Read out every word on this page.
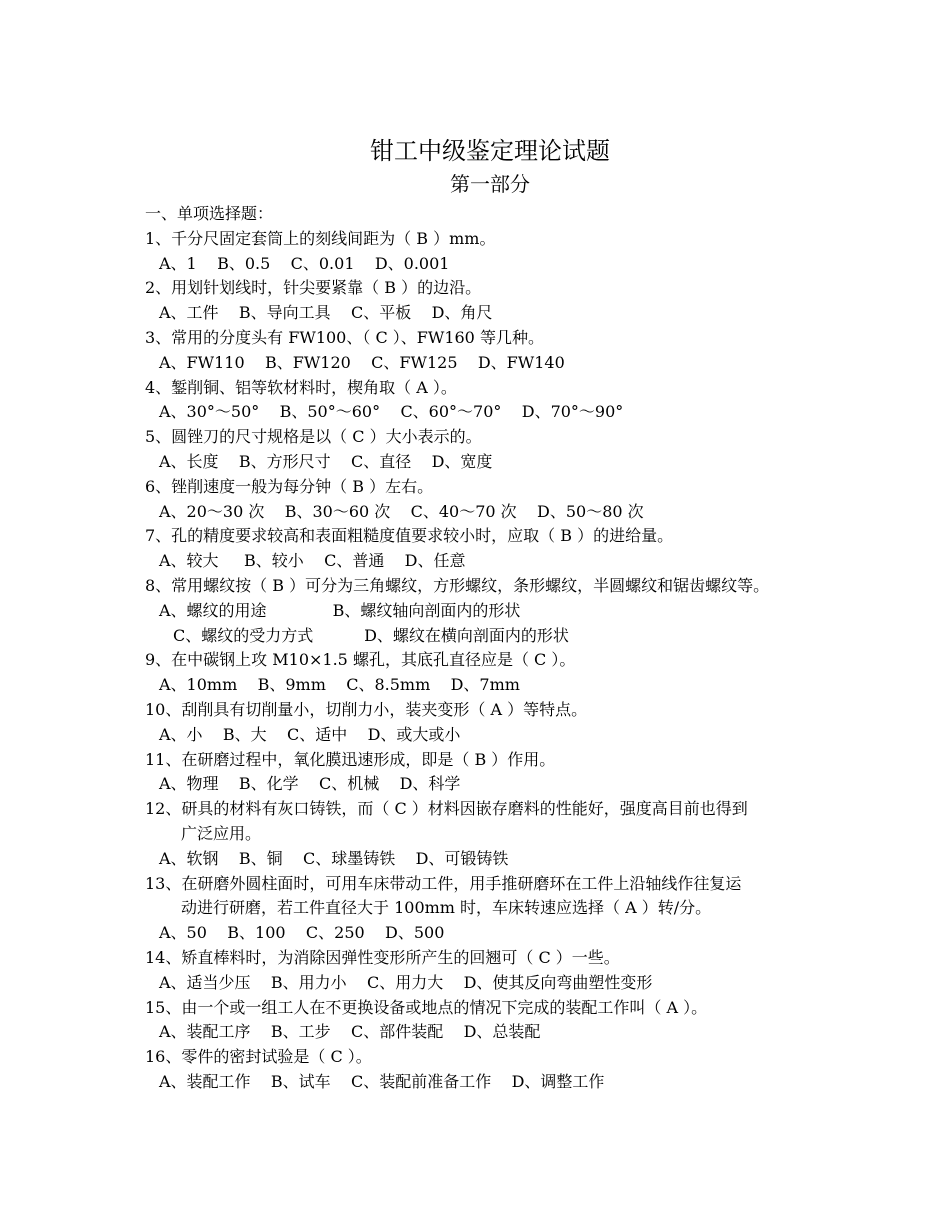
钳工中级鉴定理论试题
第一部分
一、单项选择题：
1、千分尺固定套筒上的刻线间距为（ B ）mm。
A、1    B、0.5    C、0.01    D、0.001
2、用划针划线时，针尖要紧靠（ B ）的边沿。
A、工件    B、导向工具    C、平板    D、角尺
3、常用的分度头有 FW100、（ C ）、FW160 等几种。
A、FW110    B、FW120    C、FW125    D、FW140
4、錾削铜、铝等软材料时，楔角取（ A ）。
A、30°～50°    B、50°～60°    C、60°～70°    D、70°～90°
5、圆锉刀的尺寸规格是以（ C ）大小表示的。
A、长度    B、方形尺寸    C、直径    D、宽度
6、锉削速度一般为每分钟（ B ）左右。
A、20～30 次    B、30～60 次    C、40～70 次    D、50～80 次
7、孔的精度要求较高和表面粗糙度值要求较小时，应取（ B ）的进给量。
A、较大     B、较小    C、普通    D、任意
8、常用螺纹按（ B ）可分为三角螺纹，方形螺纹，条形螺纹，半圆螺纹和锯齿螺纹等。
A、螺纹的用途             B、螺纹轴向剖面内的形状
C、螺纹的受力方式          D、螺纹在横向剖面内的形状
9、在中碳钢上攻 M10×1.5 螺孔，其底孔直径应是（ C ）。
A、10mm    B、9mm    C、8.5mm    D、7mm
10、刮削具有切削量小，切削力小，装夹变形（ A ）等特点。
A、小    B、大    C、适中    D、或大或小
11、在研磨过程中，氧化膜迅速形成，即是（ B ）作用。
A、物理    B、化学    C、机械    D、科学
12、研具的材料有灰口铸铁，而（ C ）材料因嵌存磨料的性能好，强度高目前也得到
广泛应用。
A、软钢    B、铜    C、球墨铸铁    D、可锻铸铁
13、在研磨外圆柱面时，可用车床带动工件，用手推研磨环在工件上沿轴线作往复运
动进行研磨，若工件直径大于 100mm 时，车床转速应选择（ A ）转/分。
A、50    B、100    C、250    D、500
14、矫直棒料时，为消除因弹性变形所产生的回翘可（ C ）一些。
A、适当少压    B、用力小    C、用力大    D、使其反向弯曲塑性变形
15、由一个或一组工人在不更换设备或地点的情况下完成的装配工作叫（ A ）。
A、装配工序    B、工步    C、部件装配    D、总装配
16、零件的密封试验是（ C ）。
A、装配工作    B、试车    C、装配前准备工作    D、调整工作
